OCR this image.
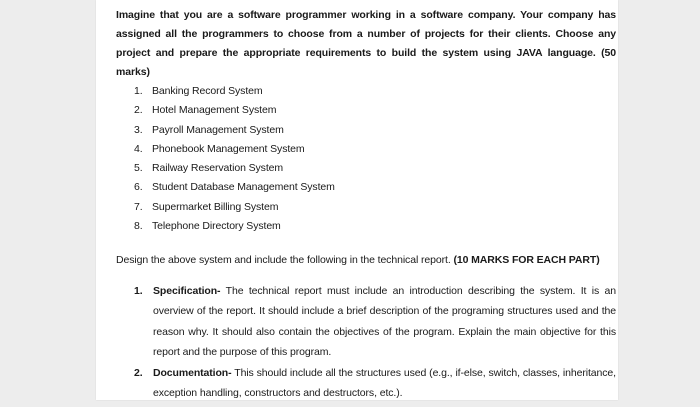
Imagine that you are a software programmer working in a software company. Your company has assigned all the programmers to choose from a number of projects for their clients. Choose any project and prepare the appropriate requirements to build the system using JAVA language. (50 marks)

1. Banking Record System
2. Hotel Management System
3. Payroll Management System
4. Phonebook Management System
5. Railway Reservation System
6. Student Database Management System
7. Supermarket Billing System
8. Telephone Directory System

Design the above system and include the following in the technical report. (10 MARKS FOR EACH PART)

1. Specification- The technical report must include an introduction describing the system. It is an overview of the report. It should include a brief description of the programing structures used and the reason why. It should also contain the objectives of the program. Explain the main objective for this report and the purpose of this program.
2. Documentation- This should include all the structures used (e.g., if-else, switch, classes, inheritance, exception handling, constructors and destructors, etc.).
